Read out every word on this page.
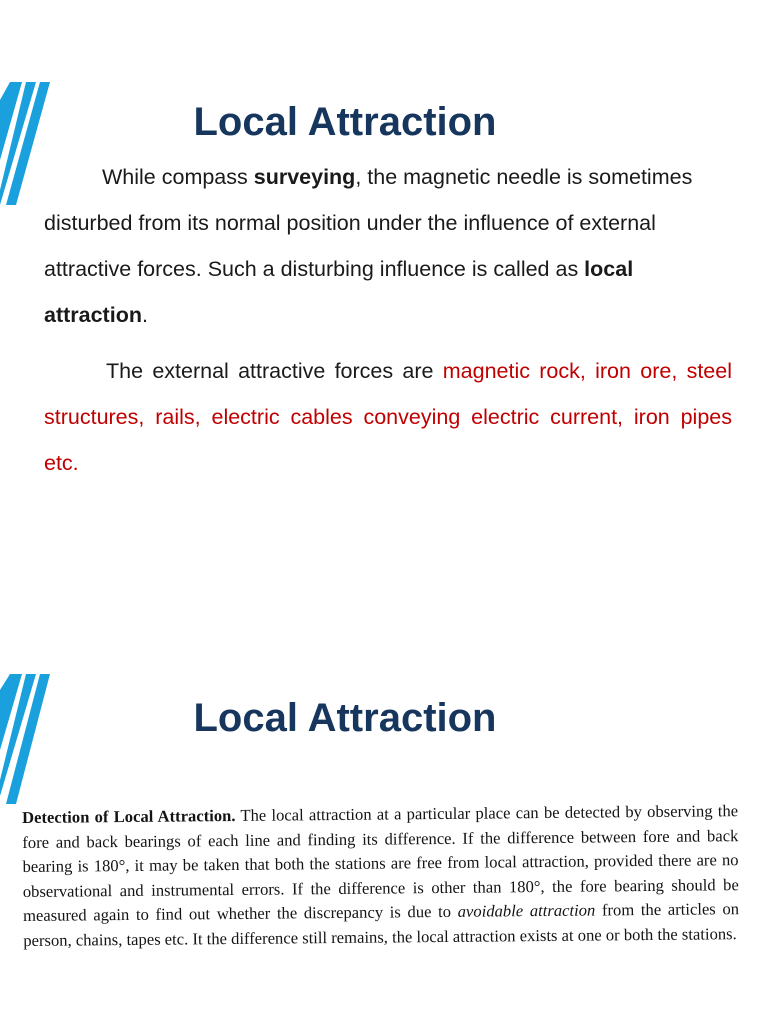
Local Attraction

While compass surveying, the magnetic needle is sometimes disturbed from its normal position under the influence of external attractive forces. Such a disturbing influence is called as local attraction.

The external attractive forces are magnetic rock, iron ore, steel structures, rails, electric cables conveying electric current, iron pipes etc.

Local Attraction

Detection of Local Attraction. The local attraction at a particular place can be detected by observing the fore and back bearings of each line and finding its difference. If the difference between fore and back bearing is 180°, it may be taken that both the stations are free from local attraction, provided there are no observational and instrumental errors. If the difference is other than 180°, the fore bearing should be measured again to find out whether the discrepancy is due to avoidable attraction from the articles on person, chains, tapes etc. It the difference still remains, the local attraction exists at one or both the stations.
